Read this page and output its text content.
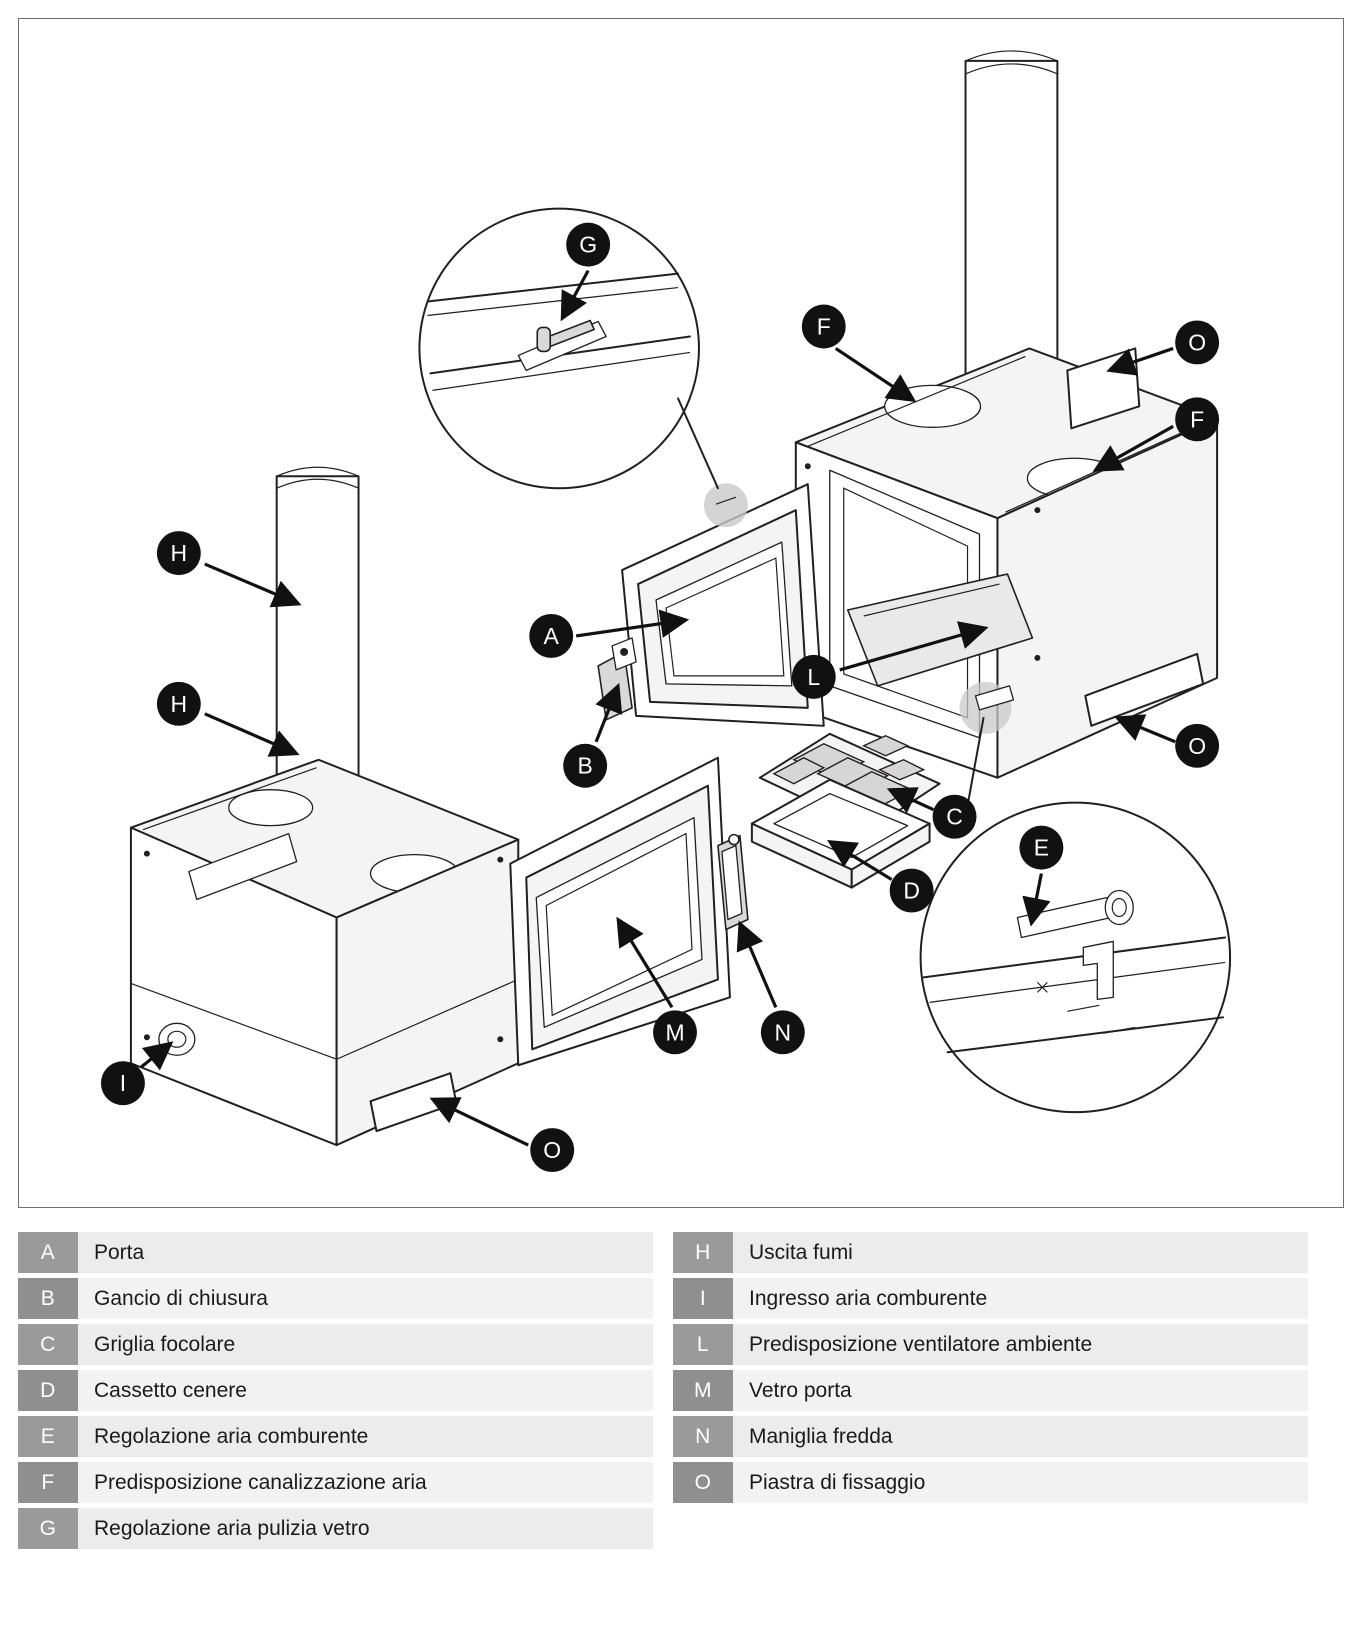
G
F
O
F
H
A
L
H
B
O
C
E
D
M	N
I
O
A	Porta
B	Gancio di chiusura
C	Griglia focolare
D	Cassetto cenere
E	Regolazione aria comburente
F	Predisposizione canalizzazione aria
G	Regolazione aria pulizia vetro
H	Uscita fumi
I	Ingresso aria comburente
L	Predisposizione ventilatore ambiente
M	Vetro porta
N	Maniglia fredda
O	Piastra di fissaggio
